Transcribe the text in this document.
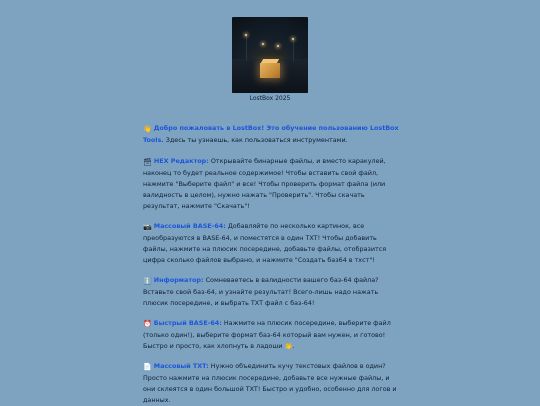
LostBox 2025
👋 Добро пожаловать в LostBox! Это обучение пользованию LostBox Tools. Здесь ты узнаешь, как пользоваться инструментами.
🗃 HEX Редактор: Открывайте бинарные файлы, и вместо каракулей, наконец то будет реальное содержимое! Чтобы вставить свой файл, нажмите "Выберите файл" и все! Чтобы проверить формат файла (или валидность в целом), нужно нажать "Проверить". Чтобы скачать результат, нажмите "Скачать"!
📷 Массовый BASE-64: Добавляйте по несколько картинок, все преобразуются в BASE-64, и поместятся в один TXT! Чтобы добавить файлы, нажмите на плюсик посередине, добавьте файлы, отобразится цифра сколько файлов выбрано, и нажмите "Создать баз64 в тхст"!
ℹ️ Информатор: Сомневаетесь в валидности вашего баз-64 файла? Вставьте свой баз-64, и узнайте результат! Всего-лишь надо нажать плюсик посередине, и выбрать TXT файл с баз-64!
⏰ Быстрый BASE-64: Нажмите на плюсик посередине, выберите файл (только один!), выберите формат баз-64 который вам нужен, и готово! Быстро и просто, как хлопнуть в ладоши 👏.
📄 Массовый TXT: Нужно объединить кучу текстовых файлов в один? Просто нажмите на плюсик посередине, добавьте все нужные файлы, и они склеятся в один большой TXT! Быстро и удобно, особенно для логов и данных.
